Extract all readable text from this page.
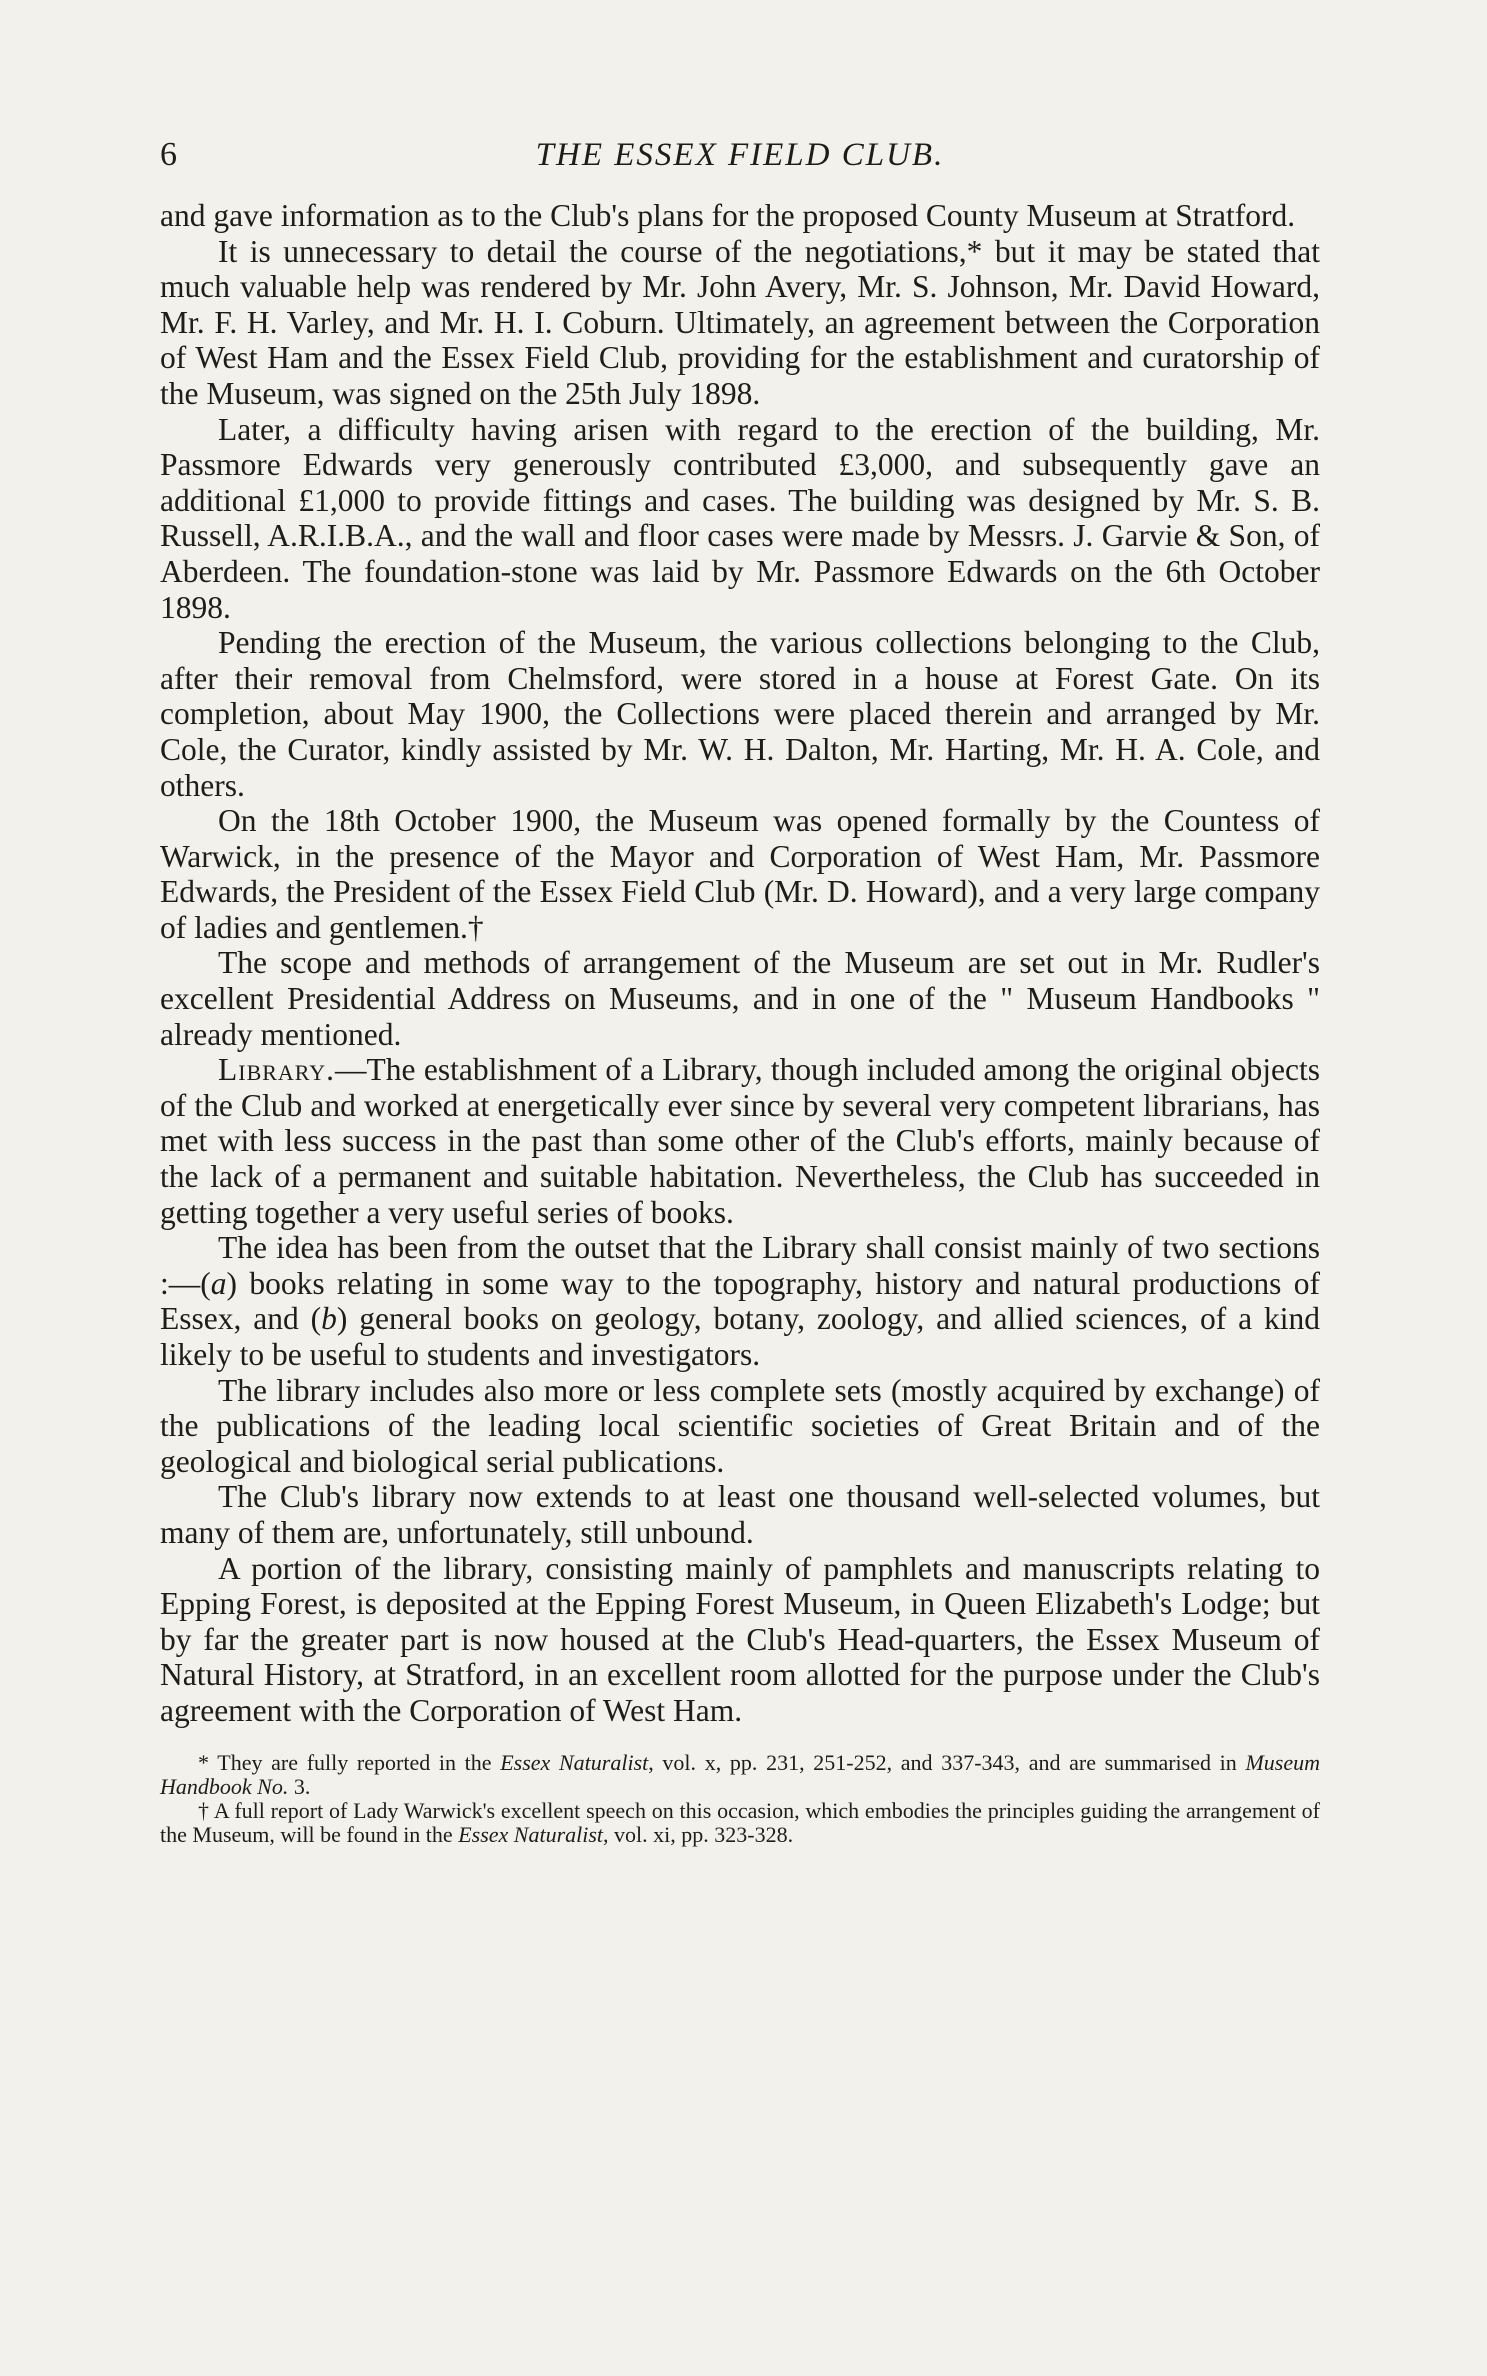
6	THE ESSEX FIELD CLUB.

and gave information as to the Club's plans for the proposed County Museum at Stratford.

It is unnecessary to detail the course of the negotiations,* but it may be stated that much valuable help was rendered by Mr. John Avery, Mr. S. Johnson, Mr. David Howard, Mr. F. H. Varley, and Mr. H. I. Coburn. Ultimately, an agreement between the Corporation of West Ham and the Essex Field Club, providing for the establishment and curatorship of the Museum, was signed on the 25th July 1898.

Later, a difficulty having arisen with regard to the erection of the building, Mr. Passmore Edwards very generously contributed £3,000, and subsequently gave an additional £1,000 to provide fittings and cases. The building was designed by Mr. S. B. Russell, A.R.I.B.A., and the wall and floor cases were made by Messrs. J. Garvie & Son, of Aberdeen. The foundation-stone was laid by Mr. Passmore Edwards on the 6th October 1898.

Pending the erection of the Museum, the various collections belonging to the Club, after their removal from Chelmsford, were stored in a house at Forest Gate. On its completion, about May 1900, the Collections were placed therein and arranged by Mr. Cole, the Curator, kindly assisted by Mr. W. H. Dalton, Mr. Harting, Mr. H. A. Cole, and others.

On the 18th October 1900, the Museum was opened formally by the Countess of Warwick, in the presence of the Mayor and Corporation of West Ham, Mr. Passmore Edwards, the President of the Essex Field Club (Mr. D. Howard), and a very large company of ladies and gentlemen.†

The scope and methods of arrangement of the Museum are set out in Mr. Rudler's excellent Presidential Address on Museums, and in one of the " Museum Handbooks " already mentioned.

Library.—The establishment of a Library, though included among the original objects of the Club and worked at energetically ever since by several very competent librarians, has met with less success in the past than some other of the Club's efforts, mainly because of the lack of a permanent and suitable habitation. Nevertheless, the Club has succeeded in getting together a very useful series of books.

The idea has been from the outset that the Library shall consist mainly of two sections :—(a) books relating in some way to the topography, history and natural productions of Essex, and (b) general books on geology, botany, zoology, and allied sciences, of a kind likely to be useful to students and investigators.

The library includes also more or less complete sets (mostly acquired by exchange) of the publications of the leading local scientific societies of Great Britain and of the geological and biological serial publications.

The Club's library now extends to at least one thousand well-selected volumes, but many of them are, unfortunately, still unbound.

A portion of the library, consisting mainly of pamphlets and manuscripts relating to Epping Forest, is deposited at the Epping Forest Museum, in Queen Elizabeth's Lodge; but by far the greater part is now housed at the Club's Head-quarters, the Essex Museum of Natural History, at Stratford, in an excellent room allotted for the purpose under the Club's agreement with the Corporation of West Ham.

* They are fully reported in the Essex Naturalist, vol. x, pp. 231, 251-252, and 337-343, and are summarised in Museum Handbook No. 3.

† A full report of Lady Warwick's excellent speech on this occasion, which embodies the principles guiding the arrangement of the Museum, will be found in the Essex Naturalist, vol. xi, pp. 323-328.
